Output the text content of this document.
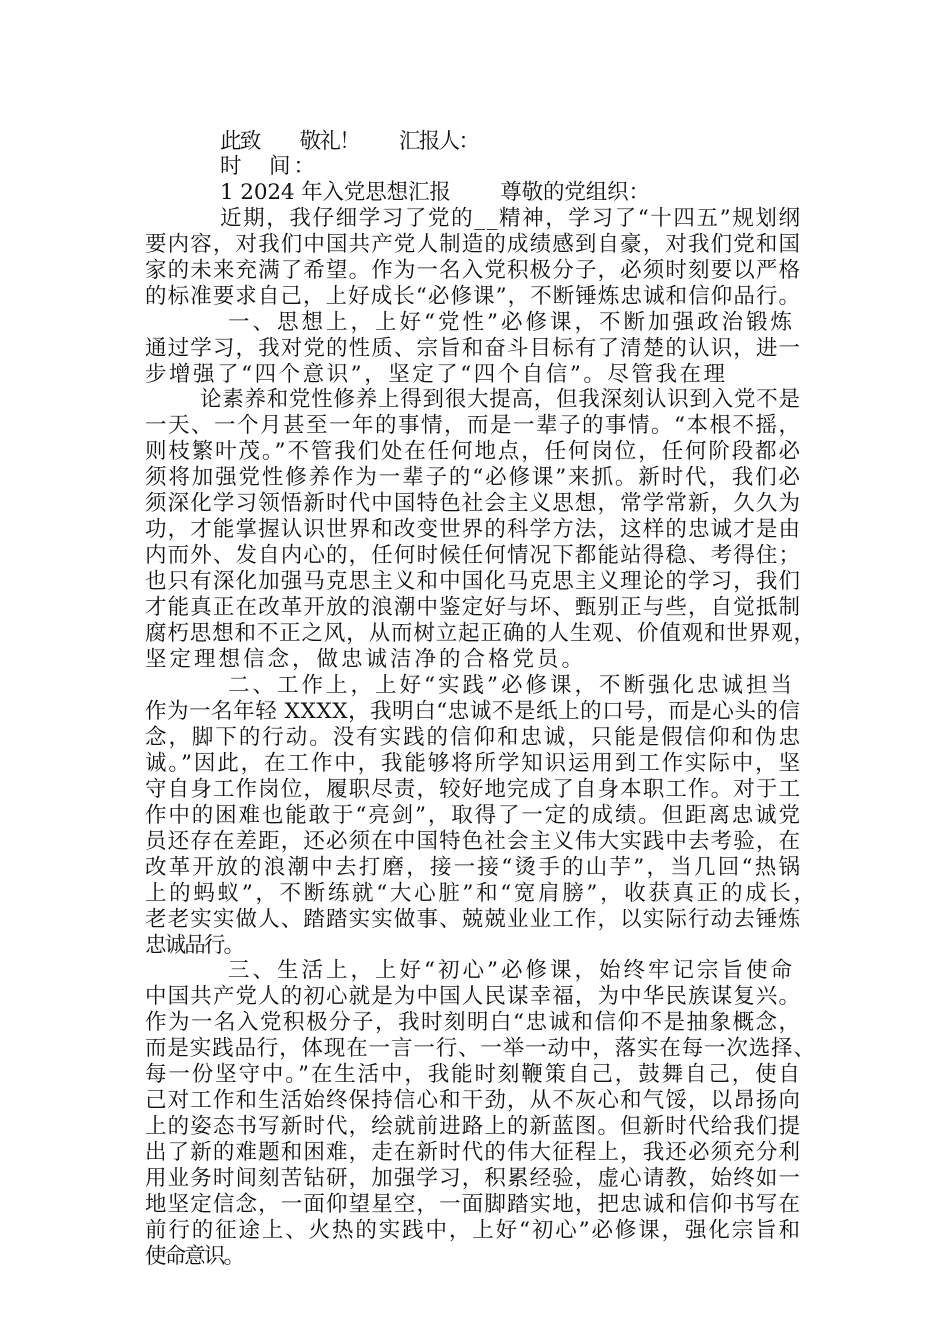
此致　　敬礼！　　汇报人：
时　间：
1 2024 年入党思想汇报　　 尊敬的党组织：
近期，我仔细学习了党的__精神，学习了“十四五”规划纲
要内容，对我们中国共产党人制造的成绩感到自豪，对我们党和国
家的未来充满了希望。作为一名入党积极分子，必须时刻要以严格
的标准要求自己，上好成长“必修课”，不断锤炼忠诚和信仰品行。
一、思想上，上好“党性”必修课，不断加强政治锻炼
通过学习，我对党的性质、宗旨和奋斗目标有了清楚的认识，进一
步增强了“四个意识”，坚定了“四个自信”。尽管我在理
论素养和党性修养上得到很大提高，但我深刻认识到入党不是
一天、一个月甚至一年的事情，而是一辈子的事情。“本根不摇，
则枝繁叶茂。”不管我们处在任何地点，任何岗位，任何阶段都必
须将加强党性修养作为一辈子的“必修课”来抓。新时代，我们必
须深化学习领悟新时代中国特色社会主义思想，常学常新，久久为
功，才能掌握认识世界和改变世界的科学方法，这样的忠诚才是由
内而外、发自内心的，任何时候任何情况下都能站得稳、考得住；
也只有深化加强马克思主义和中国化马克思主义理论的学习，我们
才能真正在改革开放的浪潮中鉴定好与坏、甄别正与些，自觉抵制
腐朽思想和不正之风，从而树立起正确的人生观、价值观和世界观，
坚定理想信念，做忠诚洁净的合格党员。
二、工作上，上好“实践”必修课，不断强化忠诚担当
作为一名年轻 XXXX，我明白“忠诚不是纸上的口号，而是心头的信
念，脚下的行动。没有实践的信仰和忠诚，只能是假信仰和伪忠
诚。”因此，在工作中，我能够将所学知识运用到工作实际中，坚
守自身工作岗位，履职尽责，较好地完成了自身本职工作。对于工
作中的困难也能敢于“亮剑”，取得了一定的成绩。但距离忠诚党
员还存在差距，还必须在中国特色社会主义伟大实践中去考验，在
改革开放的浪潮中去打磨，接一接“烫手的山芋”，当几回“热锅
上的蚂蚁”，不断练就“大心脏”和“宽肩膀”，收获真正的成长，
老老实实做人、踏踏实实做事、兢兢业业工作，以实际行动去锤炼
忠诚品行。
三、生活上，上好“初心”必修课，始终牢记宗旨使命
中国共产党人的初心就是为中国人民谋幸福，为中华民族谋复兴。
作为一名入党积极分子，我时刻明白“忠诚和信仰不是抽象概念，
而是实践品行，体现在一言一行、一举一动中，落实在每一次选择、
每一份坚守中。”在生活中，我能时刻鞭策自己，鼓舞自己，使自
己对工作和生活始终保持信心和干劲，从不灰心和气馁，以昂扬向
上的姿态书写新时代，绘就前进路上的新蓝图。但新时代给我们提
出了新的难题和困难，走在新时代的伟大征程上，我还必须充分利
用业务时间刻苦钻研，加强学习，积累经验，虚心请教，始终如一
地坚定信念，一面仰望星空，一面脚踏实地，把忠诚和信仰书写在
前行的征途上、火热的实践中，上好“初心”必修课，强化宗旨和
使命意识。
